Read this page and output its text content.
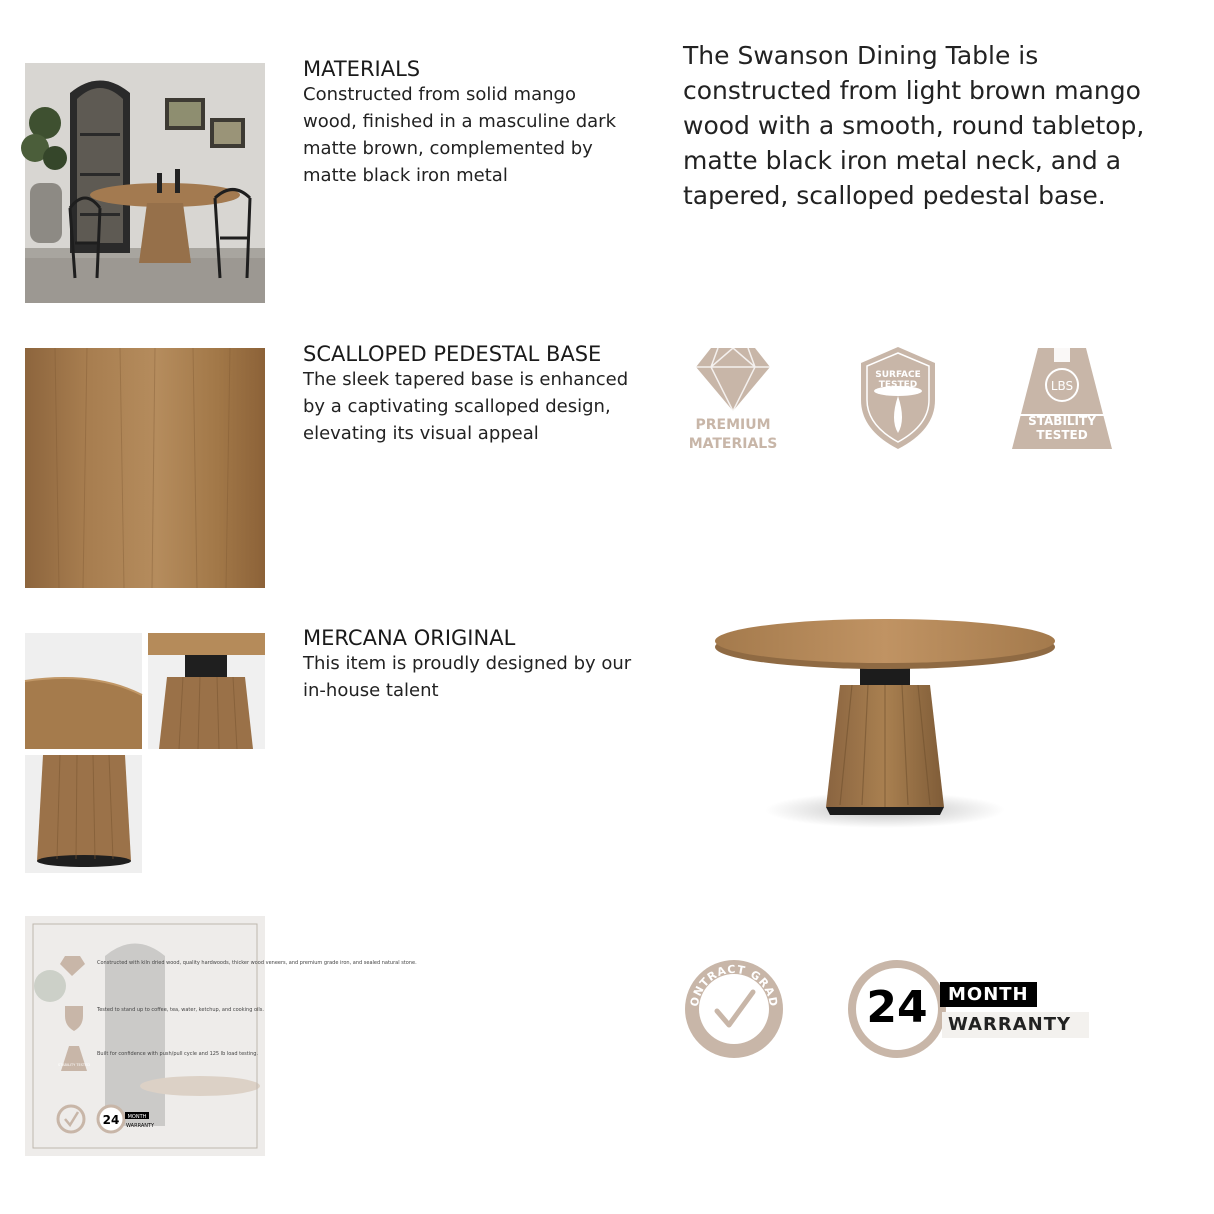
MATERIALS

Constructed from solid mango wood, finished in a masculine dark matte brown, complemented by matte black iron metal

The Swanson Dining Table is constructed from light brown mango wood with a smooth, round tabletop, matte black iron metal neck, and a tapered, scalloped pedestal base.
SCALLOPED PEDESTAL BASE

The sleek tapered base is enhanced by a captivating scalloped design, elevating its visual appeal	PREMIUM
MATERIALS
SURFACE
TESTED	LBS
STABILITY
TESTED
MERCANA ORIGINAL

This item is proudly designed by our in-house talent

Constructed with kiln dried wood, quality hardwoods, thicker wood veneers, and premium grade iron, and sealed natural stone.
Tested to stand up to coffee, tea, water, ketchup, and cooking oils.
STABILITY TESTED
Built for confidence with push/pull cycle and 125 lb load testing.
24 MONTH
WARRANTY
ONTRACT GRAD	24	MONTH
WARRANTY
